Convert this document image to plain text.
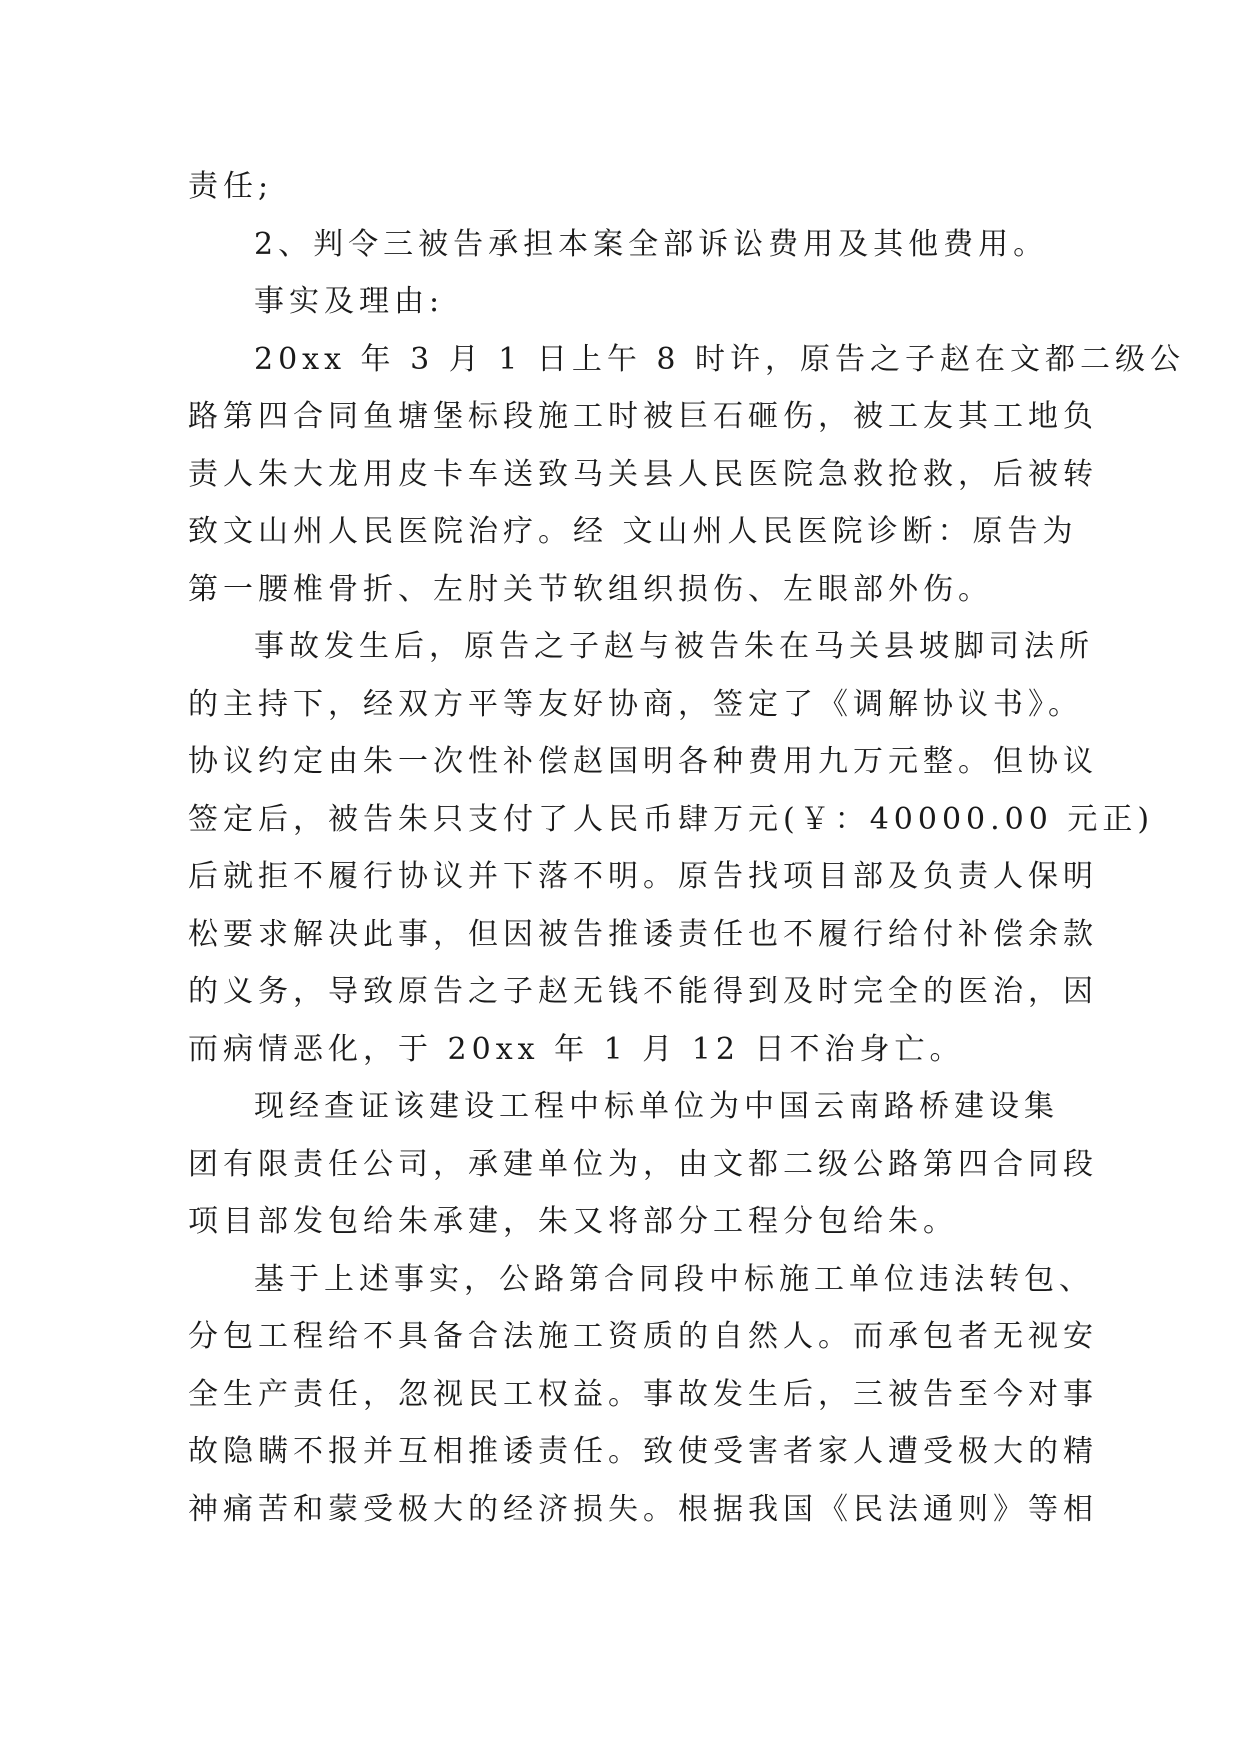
责任;
2、判令三被告承担本案全部诉讼费用及其他费用。
事实及理由:
20xx 年 3 月 1 日上午 8 时许，原告之子赵在文都二级公
路第四合同鱼塘堡标段施工时被巨石砸伤，被工友其工地负
责人朱大龙用皮卡车送致马关县人民医院急救抢救，后被转
致文山州人民医院治疗。经 文山州人民医院诊断：原告为
第一腰椎骨折、左肘关节软组织损伤、左眼部外伤。
事故发生后，原告之子赵与被告朱在马关县坡脚司法所
的主持下，经双方平等友好协商，签定了《调解协议书》。
协议约定由朱一次性补偿赵国明各种费用九万元整。但协议
签定后，被告朱只支付了人民币肆万元(￥：40000.00 元正)
后就拒不履行协议并下落不明。原告找项目部及负责人保明
松要求解决此事，但因被告推诿责任也不履行给付补偿余款
的义务，导致原告之子赵无钱不能得到及时完全的医治，因
而病情恶化，于 20xx 年 1 月 12 日不治身亡。
现经查证该建设工程中标单位为中国云南路桥建设集
团有限责任公司，承建单位为，由文都二级公路第四合同段
项目部发包给朱承建，朱又将部分工程分包给朱。
基于上述事实，公路第合同段中标施工单位违法转包、
分包工程给不具备合法施工资质的自然人。而承包者无视安
全生产责任，忽视民工权益。事故发生后，三被告至今对事
故隐瞒不报并互相推诿责任。致使受害者家人遭受极大的精
神痛苦和蒙受极大的经济损失。根据我国《民法通则》等相
